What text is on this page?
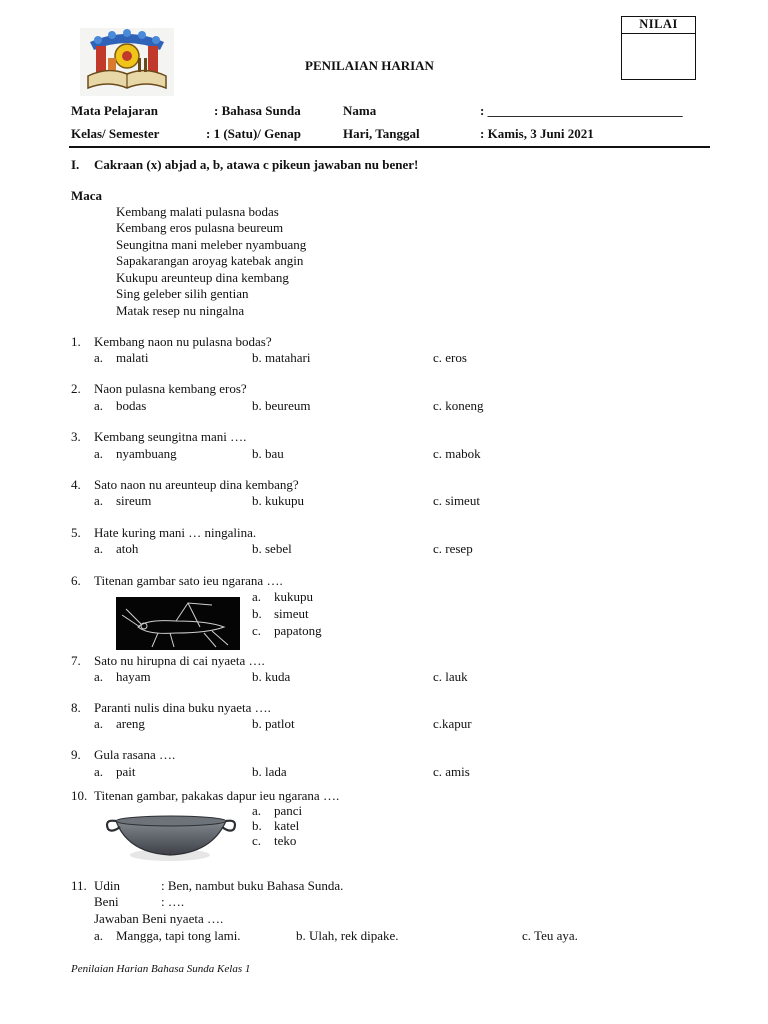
PENILAIAN HARIAN
NILAI
Mata Pelajaran	: Bahasa Sunda	Nama	: ______________________________
Kelas/ Semester	: 1 (Satu)/ Genap	Hari, Tanggal	: Kamis, 3 Juni 2021
I. Cakraan (x) abjad a, b, atawa c pikeun jawaban nu bener!
Maca
Kembang malati pulasna bodas
Kembang eros pulasna beureum
Seungitna mani meleber nyambuang
Sapakarangan aroyag katebak angin
Kukupu areunteup dina kembang
Sing geleber silih gentian
Matak resep nu ningalna
1. Kembang naon nu pulasna bodas?
a. malati	b. matahari	c. eros
2. Naon pulasna kembang eros?
a. bodas	b. beureum	c. koneng
3. Kembang seungitna mani ….
a. nyambuang	b. bau	c. mabok
4. Sato naon nu areunteup dina kembang?
a. sireum	b. kukupu	c. simeut
5. Hate kuring mani … ningalina.
a. atoh	b. sebel	c. resep
6. Titenan gambar sato ieu ngarana ….
a. kukupu
b. simeut
c. papatong
7. Sato nu hirupna di cai nyaeta ….
a. hayam	b. kuda	c. lauk
8. Paranti nulis dina buku nyaeta ….
a. areng	b. patlot	c.kapur
9. Gula rasana ….
a. pait	b. lada	c. amis
10. Titenan gambar, pakakas dapur ieu ngarana ….
a. panci
b. katel
c. teko
11. Udin	: Ben, nambut buku Bahasa Sunda.
Beni	: ….
Jawaban Beni nyaeta ….
a. Mangga, tapi tong lami.	b. Ulah, rek dipake.	c. Teu aya.
Penilaian Harian Bahasa Sunda Kelas 1
